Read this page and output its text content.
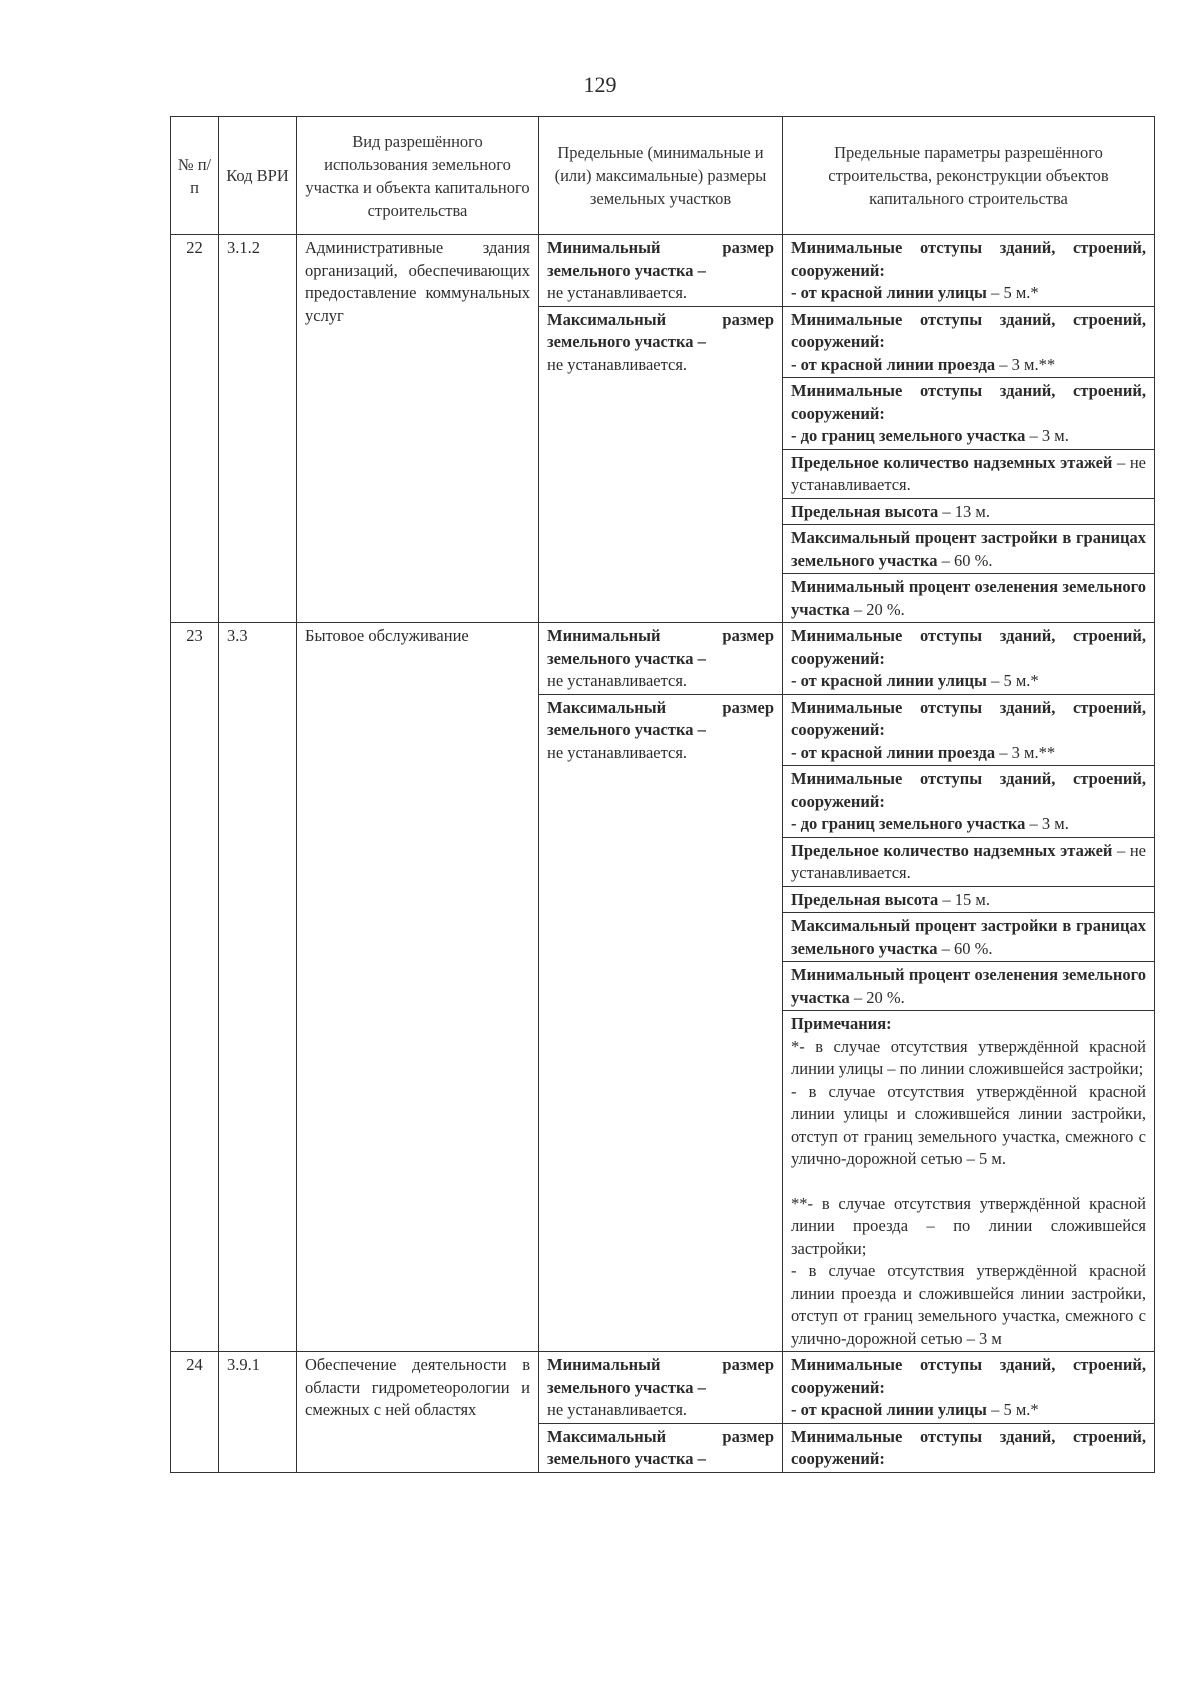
129
№ п/п	Код ВРИ	Вид разрешённого использования земельного участка и объекта капитального строительства	Предельные (минимальные и (или) максимальные) размеры земельных участков	Предельные параметры разрешённого строительства, реконструкции объектов капитального строительства
22	3.1.2	Административные здания организаций, обеспечивающих предоставление коммунальных услуг	Минимальный размер земельного участка –
не устанавливается.	Минимальные отступы зданий, строений, сооружений:
- от красной линии улицы – 5 м.*

			Максимальный размер земельного участка –
не устанавливается.	Минимальные отступы зданий, строений, сооружений:
- от красной линии проезда – 3 м.**

				Минимальные отступы зданий, строений, сооружений:
- до границ земельного участка – 3 м.

				Предельное количество надземных этажей – не устанавливается.
				Предельная высота – 13 м.
				Максимальный процент застройки в границах земельного участка – 60 %.
				Минимальный процент озеленения земельного участка – 20 %.
23	3.3	Бытовое обслуживание	Минимальный размер земельного участка –
не устанавливается.	Минимальные отступы зданий, строений, сооружений:
- от красной линии улицы – 5 м.*

			Максимальный размер земельного участка –
не устанавливается.	Минимальные отступы зданий, строений, сооружений:
- от красной линии проезда – 3 м.**

				Минимальные отступы зданий, строений, сооружений:
- до границ земельного участка – 3 м.

				Предельное количество надземных этажей – не устанавливается.
				Предельная высота – 15 м.
				Максимальный процент застройки в границах земельного участка – 60 %.
				Минимальный процент озеленения земельного участка – 20 %.

				Примечания:
*- в случае отсутствия утверждённой красной линии улицы – по линии сложившейся застройки;
- в случае отсутствия утверждённой красной линии улицы и сложившейся линии застройки, отступ от границ земельного участка, смежного с улично-дорожной сетью – 5 м.
**- в случае отсутствия утверждённой красной линии проезда – по линии сложившейся застройки;
- в случае отсутствия утверждённой красной линии проезда и сложившейся линии застройки, отступ от границ земельного участка, смежного с улично-дорожной сетью – 3 м

24	3.9.1	Обеспечение деятельности в области гидрометеорологии и смежных с ней областях	Минимальный размер земельного участка –
не устанавливается.	Минимальные отступы зданий, строений, сооружений:
- от красной линии улицы – 5 м.*

			Максимальный размер земельного участка –	Минимальные отступы зданий, строений, сооружений:
